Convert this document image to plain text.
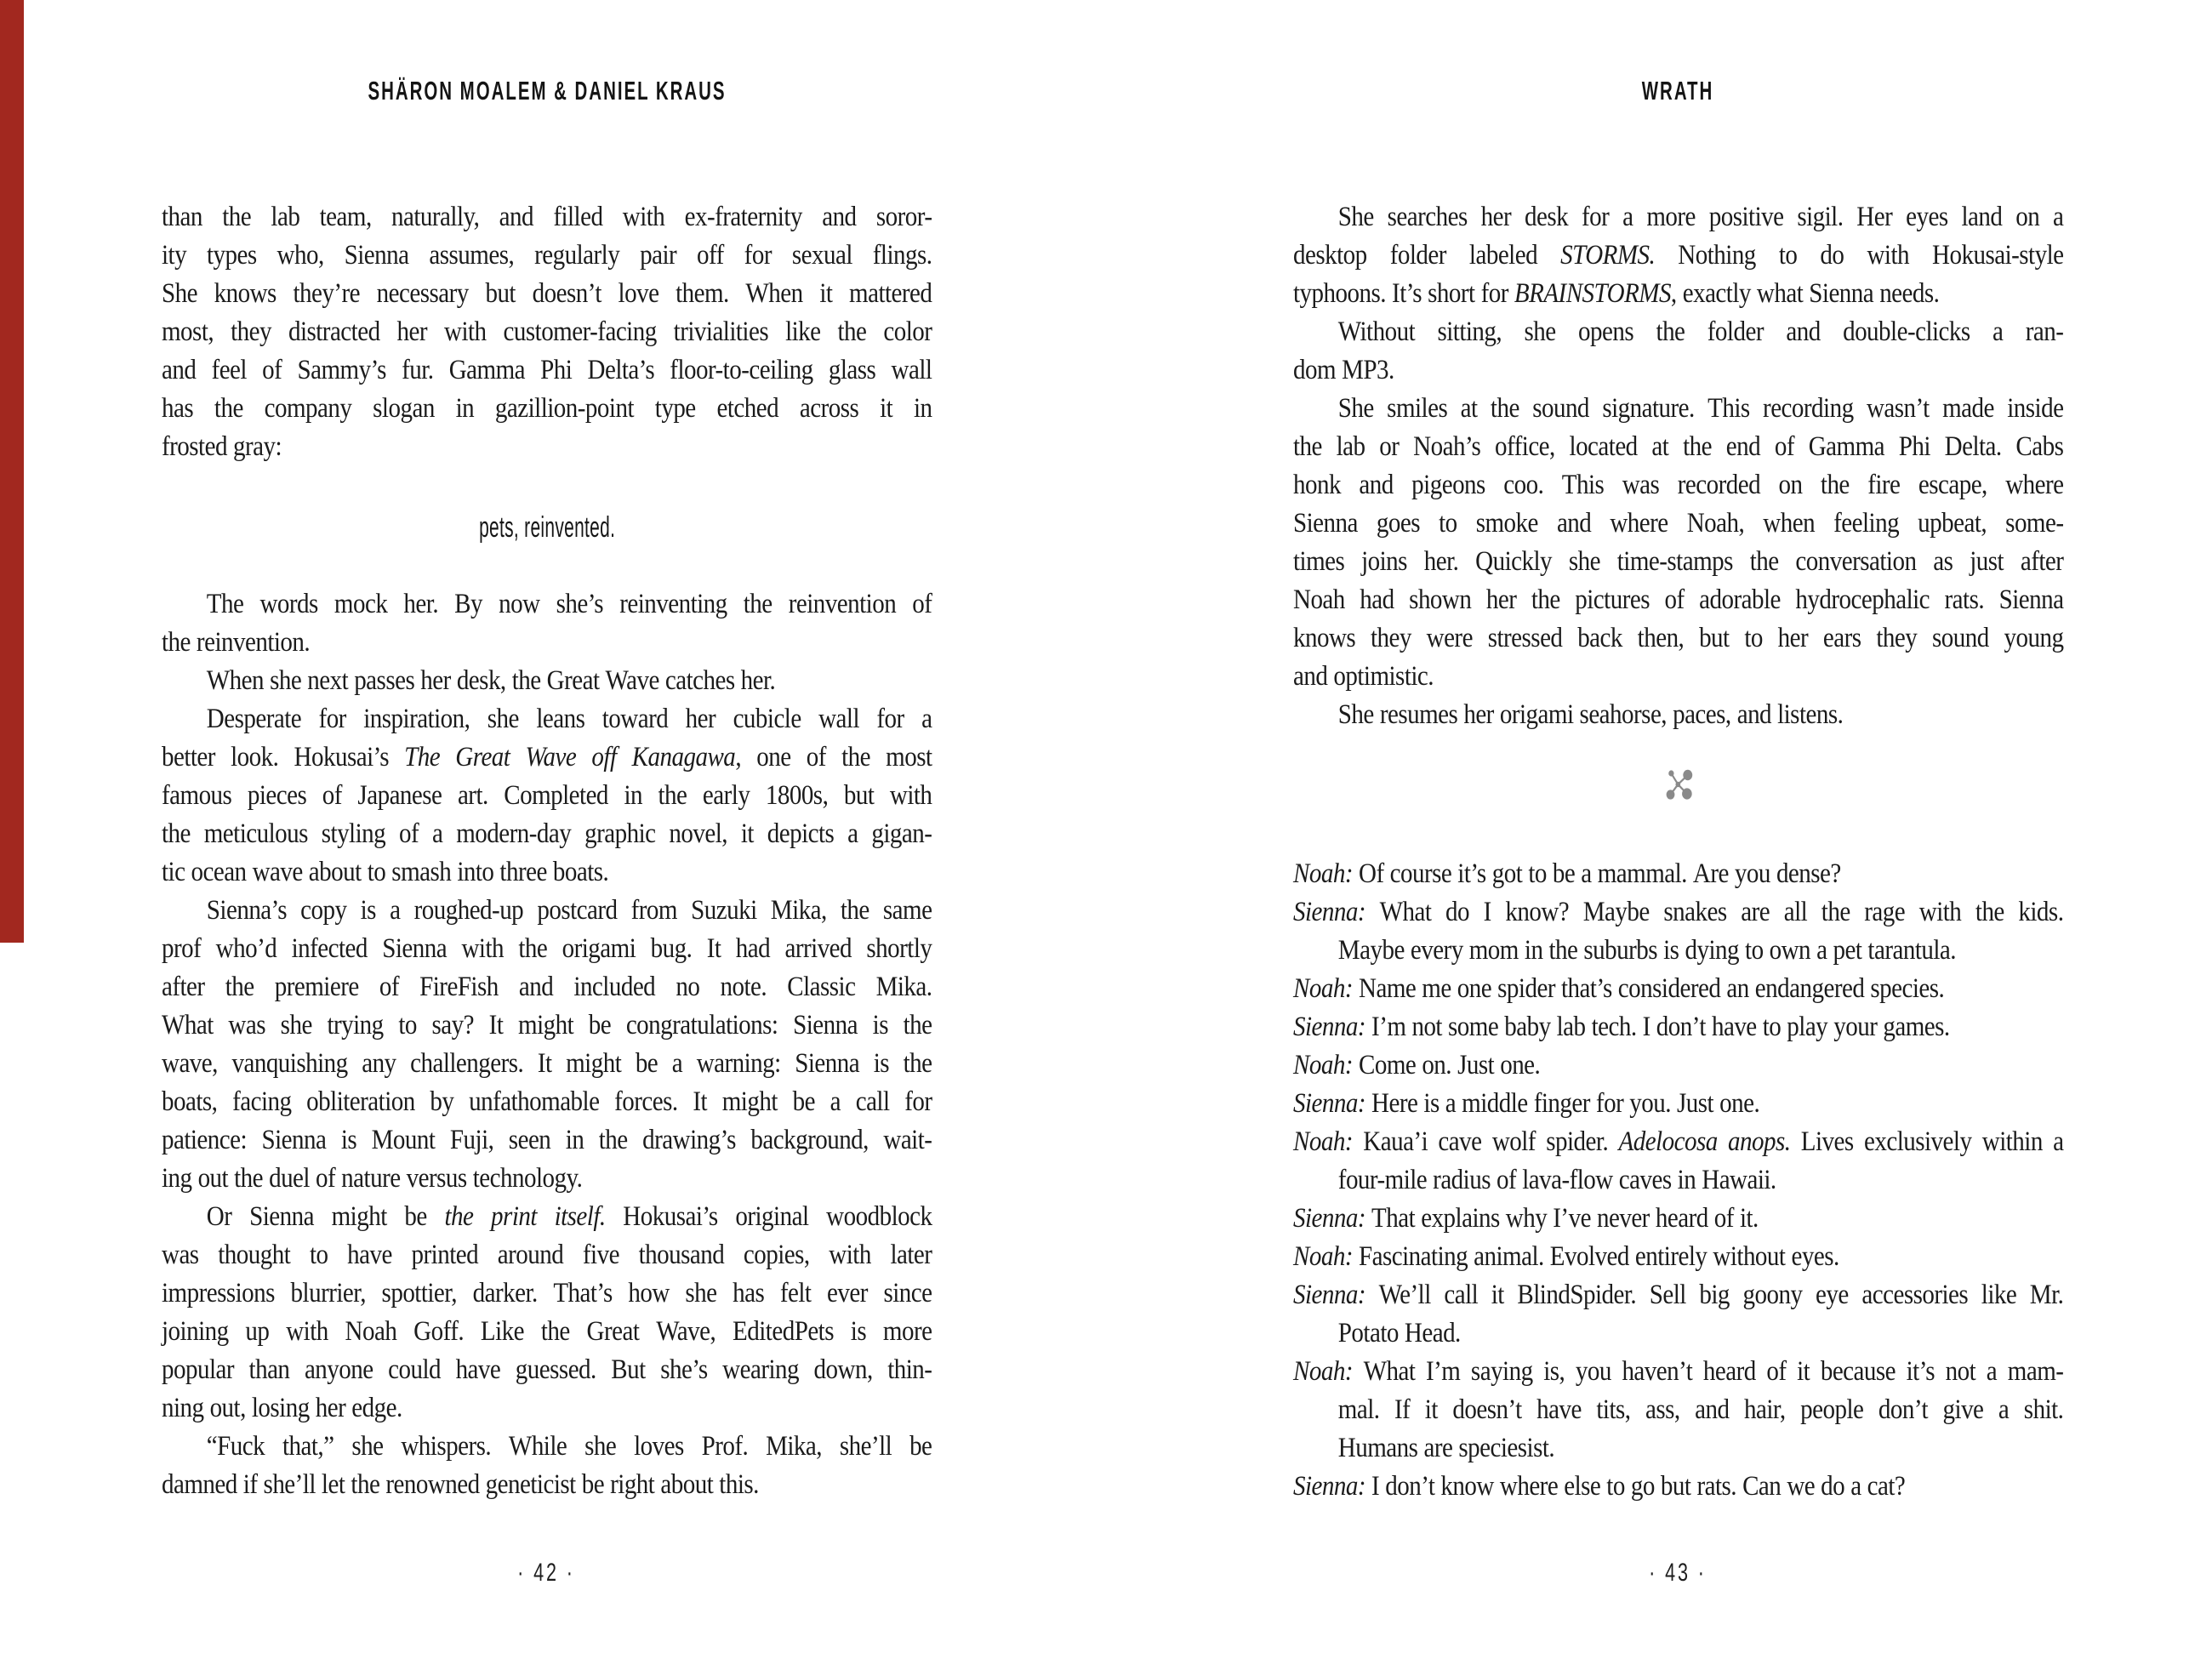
SHÄRON MOALEM & DANIEL KRAUS
than the lab team, naturally, and filled with ex-fraternity and soror-
ity types who, Sienna assumes, regularly pair off for sexual flings.
She knows they’re necessary but doesn’t love them. When it mattered
most, they distracted her with customer-facing trivialities like the color
and feel of Sammy’s fur. Gamma Phi Delta’s floor-to-ceiling glass wall
has the company slogan in gazillion-point type etched across it in
frosted gray:
pets, reinvented.
The words mock her. By now she’s reinventing the reinvention of
the reinvention.
When she next passes her desk, the Great Wave catches her.
Desperate for inspiration, she leans toward her cubicle wall for a
better look. Hokusai’s The Great Wave off Kanagawa, one of the most
famous pieces of Japanese art. Completed in the early 1800s, but with
the meticulous styling of a modern-day graphic novel, it depicts a gigan-
tic ocean wave about to smash into three boats.
Sienna’s copy is a roughed-up postcard from Suzuki Mika, the same
prof who’d infected Sienna with the origami bug. It had arrived shortly
after the premiere of FireFish and included no note. Classic Mika.
What was she trying to say? It might be congratulations: Sienna is the
wave, vanquishing any challengers. It might be a warning: Sienna is the
boats, facing obliteration by unfathomable forces. It might be a call for
patience: Sienna is Mount Fuji, seen in the drawing’s background, wait-
ing out the duel of nature versus technology.
Or Sienna might be the print itself. Hokusai’s original woodblock
was thought to have printed around five thousand copies, with later
impressions blurrier, spottier, darker. That’s how she has felt ever since
joining up with Noah Goff. Like the Great Wave, EditedPets is more
popular than anyone could have guessed. But she’s wearing down, thin-
ning out, losing her edge.
“Fuck that,” she whispers. While she loves Prof. Mika, she’ll be
damned if she’ll let the renowned geneticist be right about this.
· 42 ·
WRATH
She searches her desk for a more positive sigil. Her eyes land on a
desktop folder labeled STORMS. Nothing to do with Hokusai-style
typhoons. It’s short for BRAINSTORMS, exactly what Sienna needs.
Without sitting, she opens the folder and double-clicks a ran-
dom MP3.
She smiles at the sound signature. This recording wasn’t made inside
the lab or Noah’s office, located at the end of Gamma Phi Delta. Cabs
honk and pigeons coo. This was recorded on the fire escape, where
Sienna goes to smoke and where Noah, when feeling upbeat, some-
times joins her. Quickly she time-stamps the conversation as just after
Noah had shown her the pictures of adorable hydrocephalic rats. Sienna
knows they were stressed back then, but to her ears they sound young
and optimistic.
She resumes her origami seahorse, paces, and listens.
Noah: Of course it’s got to be a mammal. Are you dense?
Sienna: What do I know? Maybe snakes are all the rage with the kids.
Maybe every mom in the suburbs is dying to own a pet tarantula.
Noah: Name me one spider that’s considered an endangered species.
Sienna: I’m not some baby lab tech. I don’t have to play your games.
Noah: Come on. Just one.
Sienna: Here is a middle finger for you. Just one.
Noah: Kaua’i cave wolf spider. Adelocosa anops. Lives exclusively within a
four-mile radius of lava-flow caves in Hawaii.
Sienna: That explains why I’ve never heard of it.
Noah: Fascinating animal. Evolved entirely without eyes.
Sienna: We’ll call it BlindSpider. Sell big goony eye accessories like Mr.
Potato Head.
Noah: What I’m saying is, you haven’t heard of it because it’s not a mam-
mal. If it doesn’t have tits, ass, and hair, people don’t give a shit.
Humans are speciesist.
Sienna: I don’t know where else to go but rats. Can we do a cat?
· 43 ·
